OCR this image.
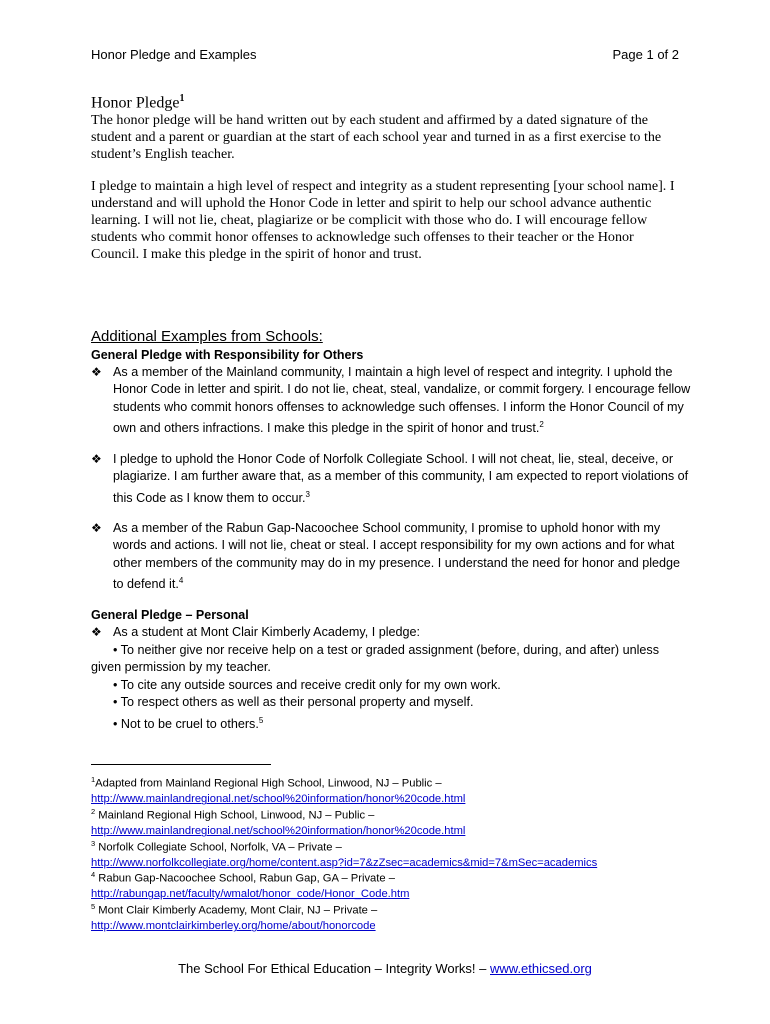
Honor Pledge and Examples	Page 1 of 2
Honor Pledge$^1$

The honor pledge will be hand written out by each student and affirmed by a dated signature of the student and a parent or guardian at the start of each school year and turned in as a first exercise to the student’s English teacher.

I pledge to maintain a high level of respect and integrity as a student representing [your school name]. I understand and will uphold the Honor Code in letter and spirit to help our school advance authentic learning. I will not lie, cheat, plagiarize or be complicit with those who do. I will encourage fellow students who commit honor offenses to acknowledge such offenses to their teacher or the Honor Council. I make this pledge in the spirit of honor and trust.

Additional Examples from Schools:
General Pledge with Responsibility for Others
❖ As a member of the Mainland community, I maintain a high level of respect and integrity. I uphold the Honor Code in letter and spirit. I do not lie, cheat, steal, vandalize, or commit forgery. I encourage fellow students who commit honors offenses to acknowledge such offenses. I inform the Honor Council of my own and others infractions. I make this pledge in the spirit of honor and trust.$^2$
❖ I pledge to uphold the Honor Code of Norfolk Collegiate School. I will not cheat, lie, steal, deceive, or plagiarize. I am further aware that, as a member of this community, I am expected to report violations of this Code as I know them to occur.$^3$
❖ As a member of the Rabun Gap-Nacoochee School community, I promise to uphold honor with my words and actions. I will not lie, cheat or steal. I accept responsibility for my own actions and for what other members of the community may do in my presence. I understand the need for honor and pledge to defend it.$^4$
General Pledge – Personal
❖ As a student at Mont Clair Kimberly Academy, I pledge:
• To neither give nor receive help on a test or graded assignment (before, during, and after) unless
given permission by my teacher.
• To cite any outside sources and receive credit only for my own work.
• To respect others as well as their personal property and myself.
• Not to be cruel to others.$^5$
$^1$Adapted from Mainland Regional High School, Linwood, NJ – Public –
http://www.mainlandregional.net/school%20information/honor%20code.html
$^2$ Mainland Regional High School, Linwood, NJ – Public –
http://www.mainlandregional.net/school%20information/honor%20code.html
$^3$ Norfolk Collegiate School, Norfolk, VA – Private –
http://www.norfolkcollegiate.org/home/content.asp?id=7&zZsec=academics&mid=7&mSec=academics
$^4$ Rabun Gap-Nacoochee School, Rabun Gap, GA – Private –
http://rabungap.net/faculty/wmalot/honor_code/Honor_Code.htm
$^5$ Mont Clair Kimberly Academy, Mont Clair, NJ – Private –
http://www.montclairkimberley.org/home/about/honorcode
The School For Ethical Education – Integrity Works! – www.ethicsed.org
